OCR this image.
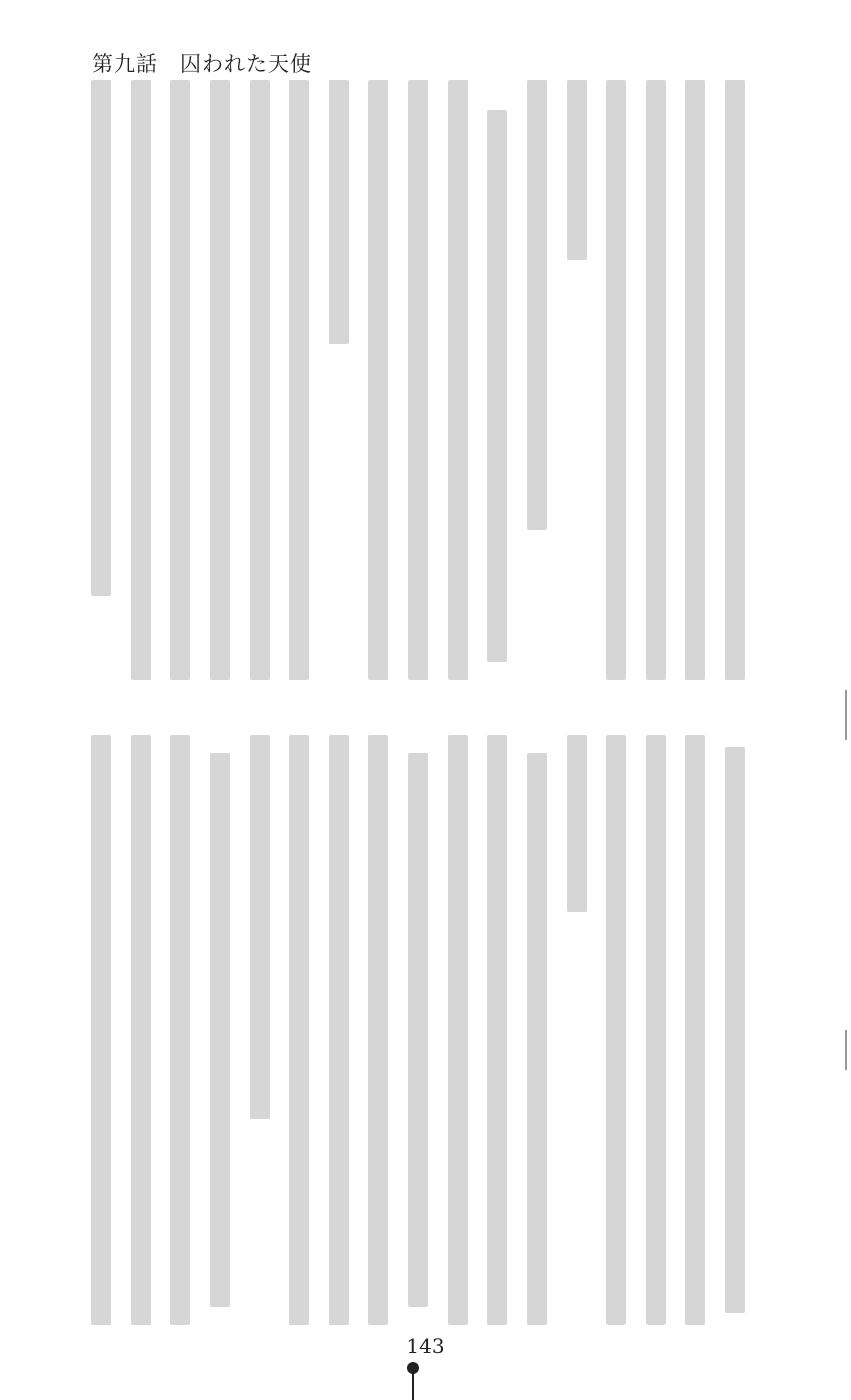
第九話　囚われた天使
143
